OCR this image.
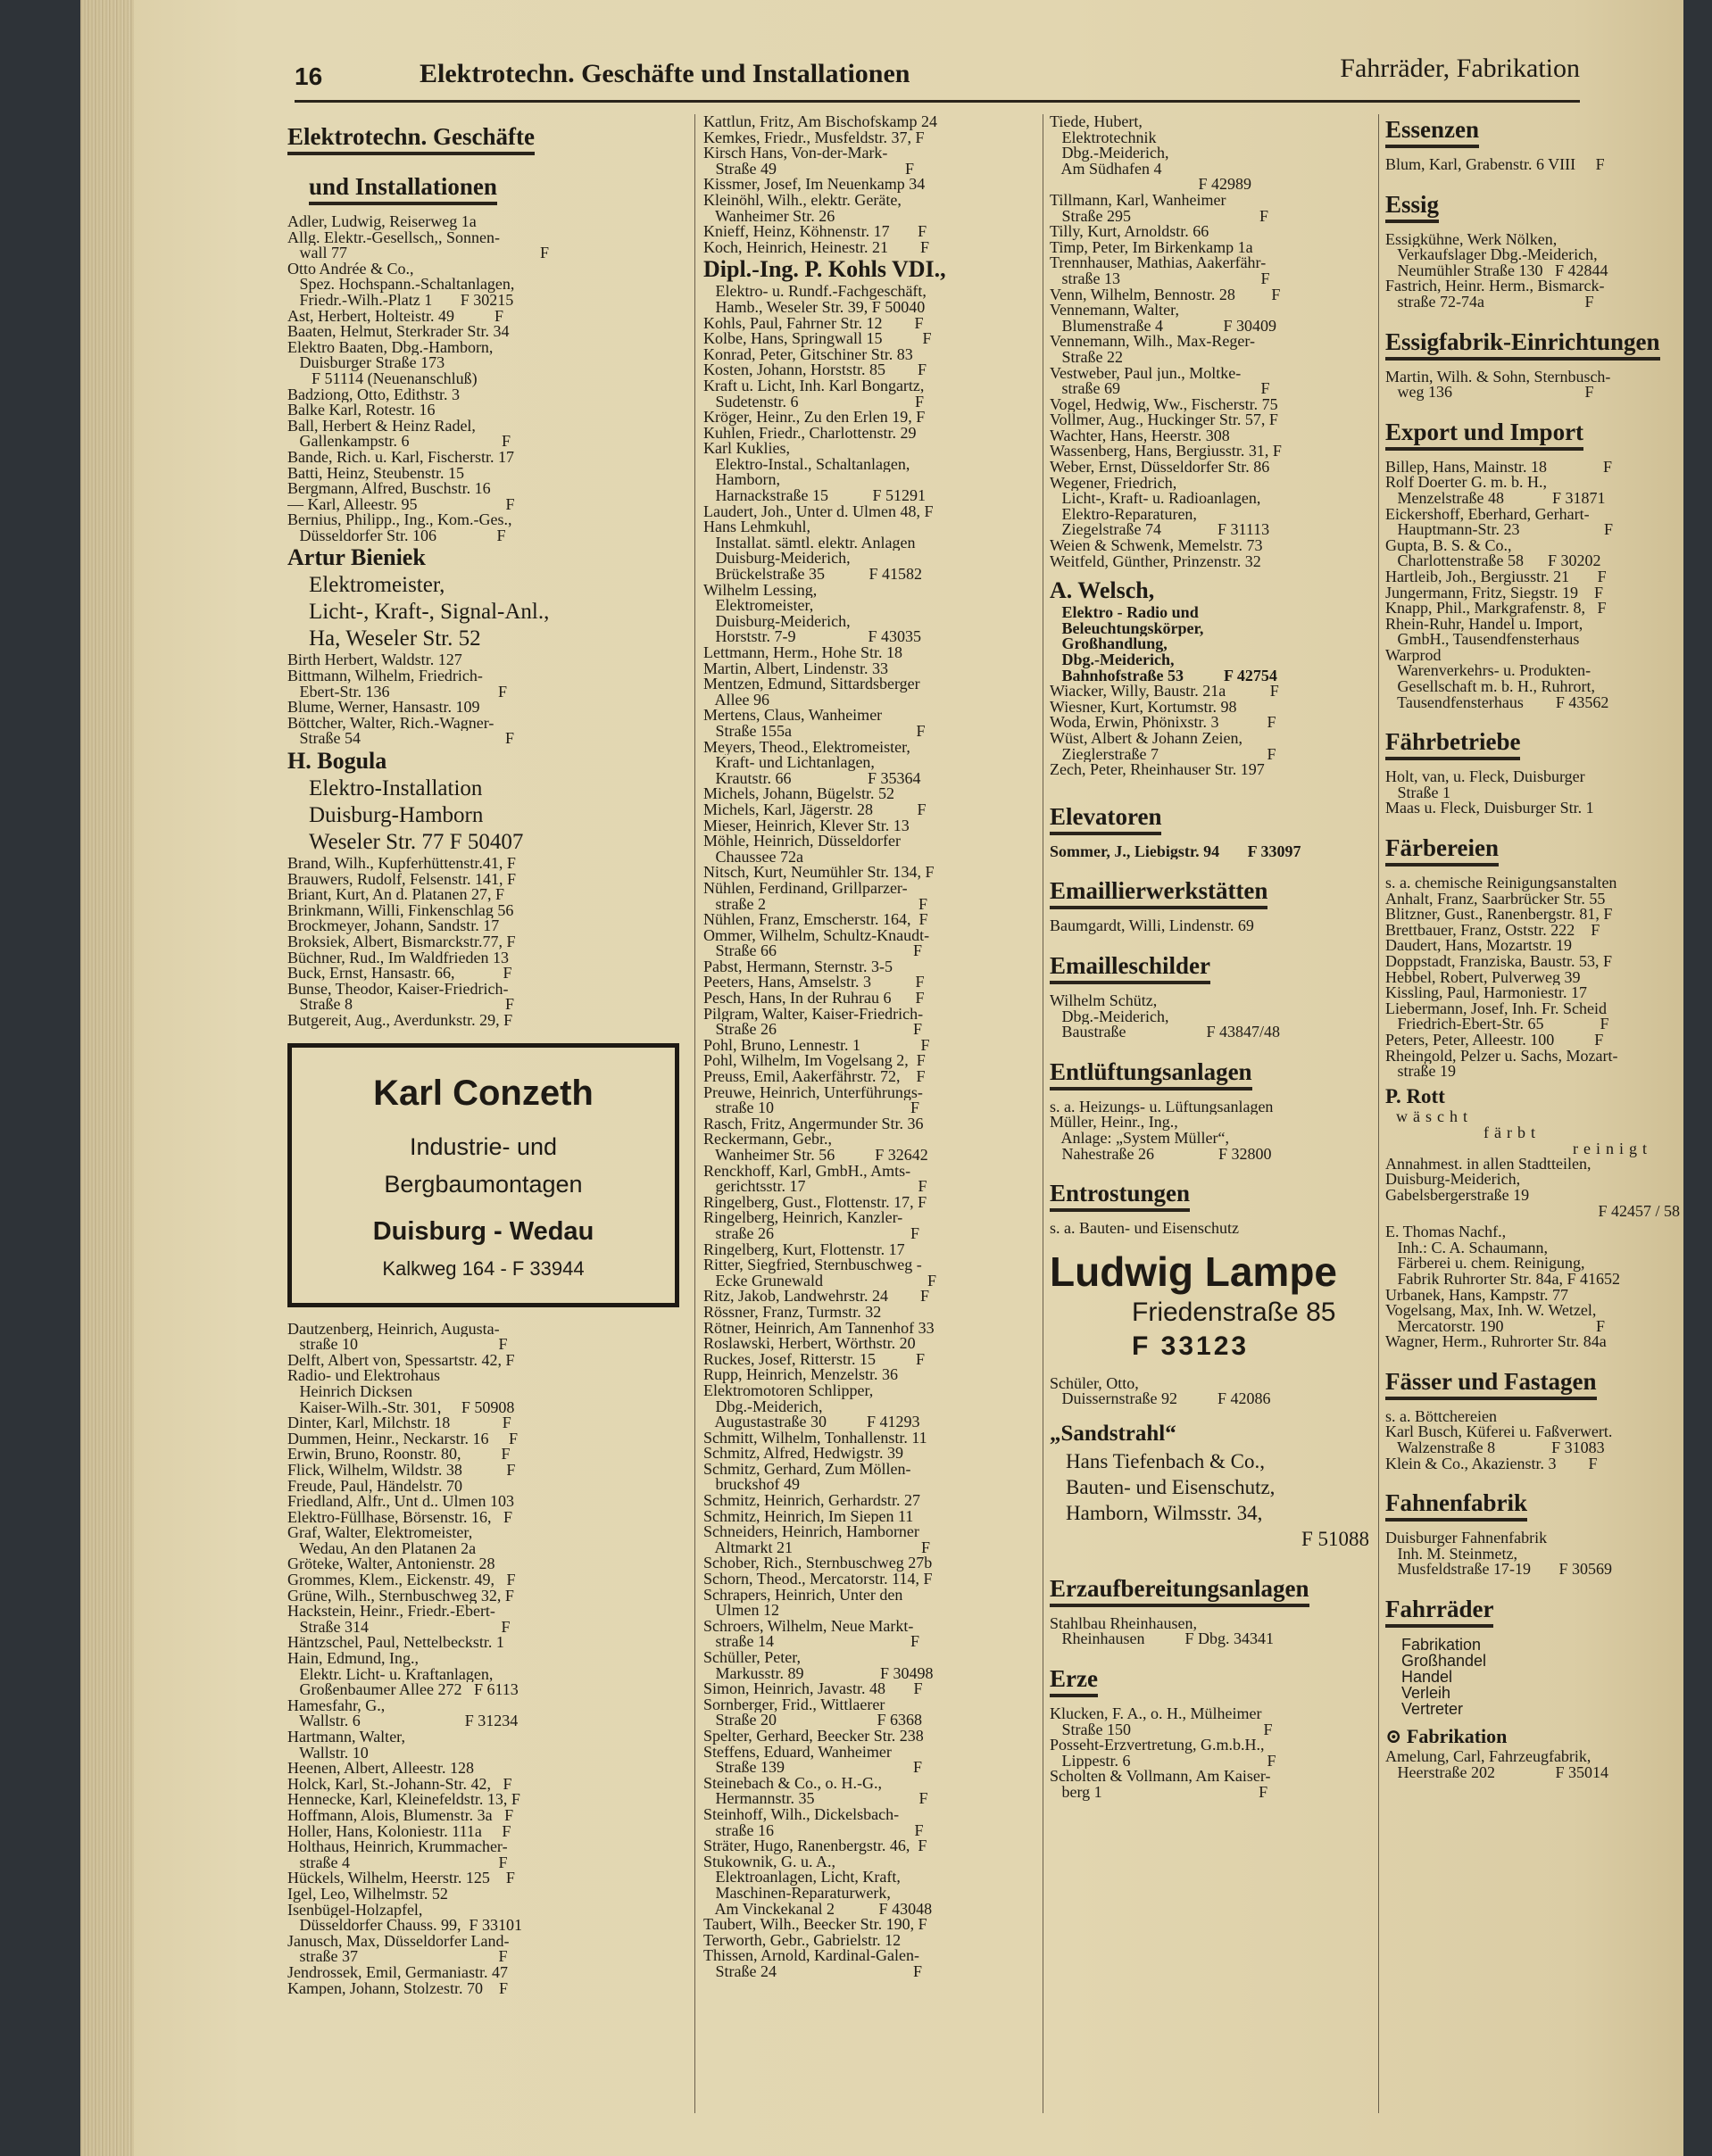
16	Elektrotechn. Geschäfte und Installationen	Fahrräder, Fabrikation
Elektrotechn. Geschäfte
und Installationen
Adler, Ludwig, Reiserweg 1a
Allg. Elektr.-Gesellsch,, Sonnen-
wall 77                                                F
Otto Andrée & Co.,
Spez. Hochspann.-Schaltanlagen,
Friedr.-Wilh.-Platz 1       F 30215
Ast, Herbert, Holteistr. 49          F
Baaten, Helmut, Sterkrader Str. 34
Elektro Baaten, Dbg.-Hamborn,
Duisburger Straße 173
F 51114 (Neuenanschluß)
Badziong, Otto, Edithstr. 3
Balke Karl, Rotestr. 16
Ball, Herbert & Heinz Radel,
Gallenkampstr. 6                       F
Bande, Rich. u. Karl, Fischerstr. 17
Batti, Heinz, Steubenstr. 15
Bergmann, Alfred, Buschstr. 16
— Karl, Alleestr. 95                      F
Bernius, Philipp., Ing., Kom.-Ges.,
Düsseldorfer Str. 106               F
Artur Bieniek
Elektromeister,
Licht-, Kraft-, Signal-Anl.,
Ha, Weseler Str. 52
Birth Herbert, Waldstr. 127
Bittmann, Wilhelm, Friedrich-
Ebert-Str. 136                           F
Blume, Werner, Hansastr. 109
Böttcher, Walter, Rich.-Wagner-
Straße 54                                    F
H. Bogula
Elektro-Installation
Duisburg-Hamborn
Weseler Str. 77 F 50407
Brand, Wilh., Kupferhüttenstr.41, F
Brauwers, Rudolf, Felsenstr. 141, F
Briant, Kurt, An d. Platanen 27, F
Brinkmann, Willi, Finkenschlag 56
Brockmeyer, Johann, Sandstr. 17
Broksiek, Albert, Bismarckstr.77, F
Büchner, Rud., Im Waldfrieden 13
Buck, Ernst, Hansastr. 66,            F
Bunse, Theodor, Kaiser-Friedrich-
Straße 8                                      F
Butgereit, Aug., Averdunkstr. 29, F
Karl Conzeth
Industrie- und
Bergbaumontagen
Duisburg - Wedau
Kalkweg 164 - F 33944
Dautzenberg, Heinrich, Augusta-
straße 10                                   F
Delft, Albert von, Spessartstr. 42, F
Radio- und Elektrohaus
Heinrich Dicksen
Kaiser-Wilh.-Str. 301,     F 50908
Dinter, Karl, Milchstr. 18             F
Dummen, Heinr., Neckarstr. 16     F
Erwin, Bruno, Roonstr. 80,          F
Flick, Wilhelm, Wildstr. 38           F
Freude, Paul, Händelstr. 70
Friedland, Alfr., Unt d.. Ulmen 103
Elektro-Füllhase, Börsenstr. 16,   F
Graf, Walter, Elektromeister,
Wedau, An den Platanen 2a
Gröteke, Walter, Antonienstr. 28
Grommes, Klem., Eickenstr. 49,   F
Grüne, Wilh., Sternbuschweg 32, F
Hackstein, Heinr., Friedr.-Ebert-
Straße 314                                 F
Häntzschel, Paul, Nettelbeckstr. 1
Hain, Edmund, Ing.,
Elektr. Licht- u. Kraftanlagen,
Großenbaumer Allee 272   F 6113
Hamesfahr, G.,
Wallstr. 6                          F 31234
Hartmann, Walter,
Wallstr. 10
Heenen, Albert, Alleestr. 128
Holck, Karl, St.-Johann-Str. 42,   F
Hennecke, Karl, Kleinefeldstr. 13, F
Hoffmann, Alois, Blumenstr. 3a   F
Holler, Hans, Koloniestr. 111a     F
Holthaus, Heinrich, Krummacher-
straße 4                                     F
Hückels, Wilhelm, Heerstr. 125    F
Igel, Leo, Wilhelmstr. 52
Isenbügel-Holzapfel,
Düsseldorfer Chauss. 99,  F 33101
Janusch, Max, Düsseldorfer Land-
straße 37                                   F
Jendrossek, Emil, Germaniastr. 47
Kampen, Johann, Stolzestr. 70    F
Kattlun, Fritz, Am Bischofskamp 24
Kemkes, Friedr., Musfeldstr. 37, F
Kirsch Hans, Von-der-Mark-
Straße 49                                F
Kissmer, Josef, Im Neuenkamp 34
Kleinöhl, Wilh., elektr. Geräte,
Wanheimer Str. 26
Knieff, Heinz, Köhnenstr. 17       F
Koch, Heinrich, Heinestr. 21        F
Dipl.-Ing. P. Kohls VDI.,
Elektro- u. Rundf.-Fachgeschäft,
Hamb., Weseler Str. 39, F 50040
Kohls, Paul, Fahrner Str. 12        F
Kolbe, Hans, Springwall 15          F
Konrad, Peter, Gitschiner Str. 83
Kosten, Johann, Horststr. 85        F
Kraft u. Licht, Inh. Karl Bongartz,
Sudetenstr. 6                             F
Kröger, Heinr., Zu den Erlen 19, F
Kuhlen, Friedr., Charlottenstr. 29
Karl Kuklies,
Elektro-Instal., Schaltanlagen,
Hamborn,
Harnackstraße 15           F 51291
Laudert, Joh., Unter d. Ulmen 48, F
Hans Lehmkuhl,
Installat. sämtl. elektr. Anlagen
Duisburg-Meiderich,
Brückelstraße 35           F 41582
Wilhelm Lessing,
Elektromeister,
Duisburg-Meiderich,
Horststr. 7-9                  F 43035
Lettmann, Herm., Hohe Str. 18
Martin, Albert, Lindenstr. 33
Mentzen, Edmund, Sittardsberger
Allee 96
Mertens, Claus, Wanheimer
Straße 155a                               F
Meyers, Theod., Elektromeister,
Kraft- und Lichtanlagen,
Krautstr. 66                   F 35364
Michels, Johann, Bügelstr. 52
Michels, Karl, Jägerstr. 28           F
Mieser, Heinrich, Klever Str. 13
Möhle, Heinrich, Düsseldorfer
Chaussee 72a
Nitsch, Kurt, Neumühler Str. 134, F
Nühlen, Ferdinand, Grillparzer-
straße 2                                      F
Nühlen, Franz, Emscherstr. 164,  F
Ommer, Wilhelm, Schultz-Knaudt-
Straße 66                                  F
Pabst, Hermann, Sternstr. 3-5
Peeters, Hans, Amselstr. 3           F
Pesch, Hans, In der Ruhrau 6      F
Pilgram, Walter, Kaiser-Friedrich-
Straße 26                                  F
Pohl, Bruno, Lennestr. 1               F
Pohl, Wilhelm, Im Vogelsang 2,  F
Preuss, Emil, Aakerfährstr. 72,    F
Preuwe, Heinrich, Unterführungs-
straße 10                                  F
Rasch, Fritz, Angermunder Str. 36
Reckermann, Gebr.,
Wanheimer Str. 56          F 32642
Renckhoff, Karl, GmbH., Amts-
gerichtsstr. 17                            F
Ringelberg, Gust., Flottenstr. 17, F
Ringelberg, Heinrich, Kanzler-
straße 26                                  F
Ringelberg, Kurt, Flottenstr. 17
Ritter, Siegfried, Sternbuschweg -
Ecke Grunewald                          F
Ritz, Jakob, Landwehrstr. 24        F
Rössner, Franz, Turmstr. 32
Rötner, Heinrich, Am Tannenhof 33
Roslawski, Herbert, Wörthstr. 20
Ruckes, Josef, Ritterstr. 15          F
Rupp, Heinrich, Menzelstr. 36
Elektromotoren Schlipper,
Dbg.-Meiderich,
Augustastraße 30          F 41293
Schmitt, Wilhelm, Tonhallenstr. 11
Schmitz, Alfred, Hedwigstr. 39
Schmitz, Gerhard, Zum Möllen-
bruckshof 49
Schmitz, Heinrich, Gerhardstr. 27
Schmitz, Heinrich, Im Siepen 11
Schneiders, Heinrich, Hamborner
Altmarkt 21                                F
Schober, Rich., Sternbuschweg 27b
Schorn, Theod., Mercatorstr. 114, F
Schrapers, Heinrich, Unter den
Ulmen 12
Schroers, Wilhelm, Neue Markt-
straße 14                                  F
Schüller, Peter,
Markusstr. 89                   F 30498
Simon, Heinrich, Javastr. 48       F
Sornberger, Frid., Wittlaerer
Straße 20                         F 6368
Spelter, Gerhard, Beecker Str. 238
Steffens, Eduard, Wanheimer
Straße 139                                F
Steinebach & Co., o. H.-G.,
Hermannstr. 35                          F
Steinhoff, Wilh., Dickelsbach-
straße 16                                   F
Sträter, Hugo, Ranenbergstr. 46,  F
Stukownik, G. u. A.,
Elektroanlagen, Licht, Kraft,
Maschinen-Reparaturwerk,
Am Vinckekanal 2           F 43048
Taubert, Wilh., Beecker Str. 190, F
Terworth, Gebr., Gabrielstr. 12
Thissen, Arnold, Kardinal-Galen-
Straße 24                                  F
Tiede, Hubert,
Elektrotechnik
Dbg.-Meiderich,
Am Südhafen 4
F 42989
Tillmann, Karl, Wanheimer
Straße 295                                F
Tilly, Kurt, Arnoldstr. 66
Timp, Peter, Im Birkenkamp 1a
Trennhauser, Mathias, Aakerfähr-
straße 13                                   F
Venn, Wilhelm, Bennostr. 28         F
Vennemann, Walter,
Blumenstraße 4               F 30409
Vennemann, Wilh., Max-Reger-
Straße 22
Vestweber, Paul jun., Moltke-
straße 69                                   F
Vogel, Hedwig, Ww., Fischerstr. 75
Vollmer, Aug., Huckinger Str. 57, F
Wachter, Hans, Heerstr. 308
Wassenberg, Hans, Bergiusstr. 31, F
Weber, Ernst, Düsseldorfer Str. 86
Wegener, Friedrich,
Licht-, Kraft- u. Radioanlagen,
Elektro-Reparaturen,
Ziegelstraße 74              F 31113
Weien & Schwenk, Memelstr. 73
Weitfeld, Günther, Prinzenstr. 32
A. Welsch,
Elektro - Radio und
Beleuchtungskörper,
Großhandlung,
Dbg.-Meiderich,
Bahnhofstraße 53          F 42754
Wiacker, Willy, Baustr. 21a           F
Wiesner, Kurt, Kortumstr. 98
Woda, Erwin, Phönixstr. 3            F
Wüst, Albert & Johann Zeien,
Zieglerstraße 7                           F
Zech, Peter, Rheinhauser Str. 197
Elevatoren
Sommer, J., Liebigstr. 94       F 33097
Emaillierwerkstätten
Baumgardt, Willi, Lindenstr. 69
Emailleschilder
Wilhelm Schütz,
Dbg.-Meiderich,
Baustraße                    F 43847/48
Entlüftungsanlagen
s. a. Heizungs- u. Lüftungsanlagen
Müller, Heinr., Ing.,
Anlage: „System Müller“,
Nahestraße 26                F 32800
Entrostungen
s. a. Bauten- und Eisenschutz
Ludwig Lampe
Friedenstraße 85
F 33123
Schüler, Otto,
Duissernstraße 92          F 42086
„Sandstrahl“
Hans Tiefenbach & Co.,
Bauten- und Eisenschutz,
Hamborn, Wilmsstr. 34,
F 51088
Erzaufbereitungsanlagen
Stahlbau Rheinhausen,
Rheinhausen          F Dbg. 34341
Erze
Klucken, F. A., o. H., Mülheimer
Straße 150                                 F
Posseht-Erzvertretung, G.m.b.H.,
Lippestr. 6                                  F
Scholten & Vollmann, Am Kaiser-
berg 1                                       F
Essenzen
Blum, Karl, Grabenstr. 6 VIII     F
Essig
Essigkühne, Werk Nölken,
Verkaufslager Dbg.-Meiderich,
Neumühler Straße 130   F 42844
Fastrich, Heinr. Herm., Bismarck-
straße 72-74a                         F
Essigfabrik-Einrichtungen
Martin, Wilh. & Sohn, Sternbusch-
weg 136                                 F
Export und Import
Billep, Hans, Mainstr. 18              F
Rolf Doerter G. m. b. H.,
Menzelstraße 48            F 31871
Eickershoff, Eberhard, Gerhart-
Hauptmann-Str. 23                     F
Gupta, B. S. & Co.,
Charlottenstraße 58      F 30202
Hartleib, Joh., Bergiusstr. 21       F
Jungermann, Fritz, Siegstr. 19    F
Knapp, Phil., Markgrafenstr. 8,   F
Rhein-Ruhr, Handel u. Import,
GmbH., Tausendfensterhaus
Warprod
Warenverkehrs- u. Produkten-
Gesellschaft m. b. H., Ruhrort,
Tausendfensterhaus        F 43562
Fährbetriebe
Holt, van, u. Fleck, Duisburger
Straße 1
Maas u. Fleck, Duisburger Str. 1
Färbereien
s. a. chemische Reinigungsanstalten
Anhalt, Franz, Saarbrücker Str. 55
Blitzner, Gust., Ranenbergstr. 81, F
Brettbauer, Franz, Oststr. 222    F
Daudert, Hans, Mozartstr. 19
Doppstadt, Franziska, Baustr. 53, F
Hebbel, Robert, Pulverweg 39
Kissling, Paul, Harmoniestr. 17
Liebermann, Josef, Inh. Fr. Scheid
Friedrich-Ebert-Str. 65              F
Peters, Peter, Alleestr. 100          F
Rheingold, Pelzer u. Sachs, Mozart-
straße 19
P. Rott
wäscht
färbt
reinigt
Annahmest. in allen Stadtteilen,
Duisburg-Meiderich,
Gabelsbergerstraße 19
F 42457 / 58
E. Thomas Nachf.,
Inh.: C. A. Schaumann,
Färberei u. chem. Reinigung,
Fabrik Ruhrorter Str. 84a, F 41652
Urbanek, Hans, Kampstr. 77
Vogelsang, Max, Inh. W. Wetzel,
Mercatorstr. 190                       F
Wagner, Herm., Ruhrorter Str. 84a
Fässer und Fastagen
s. a. Böttchereien
Karl Busch, Küferei u. Faßverwert.
Walzenstraße 8              F 31083
Klein & Co., Akazienstr. 3        F
Fahnenfabrik
Duisburger Fahnenfabrik
Inh. M. Steinmetz,
Musfeldstraße 17-19       F 30569
Fahrräder
Fabrikation
Großhandel
Handel
Verleih
Vertreter
⊙ Fabrikation
Amelung, Carl, Fahrzeugfabrik,
Heerstraße 202               F 35014
